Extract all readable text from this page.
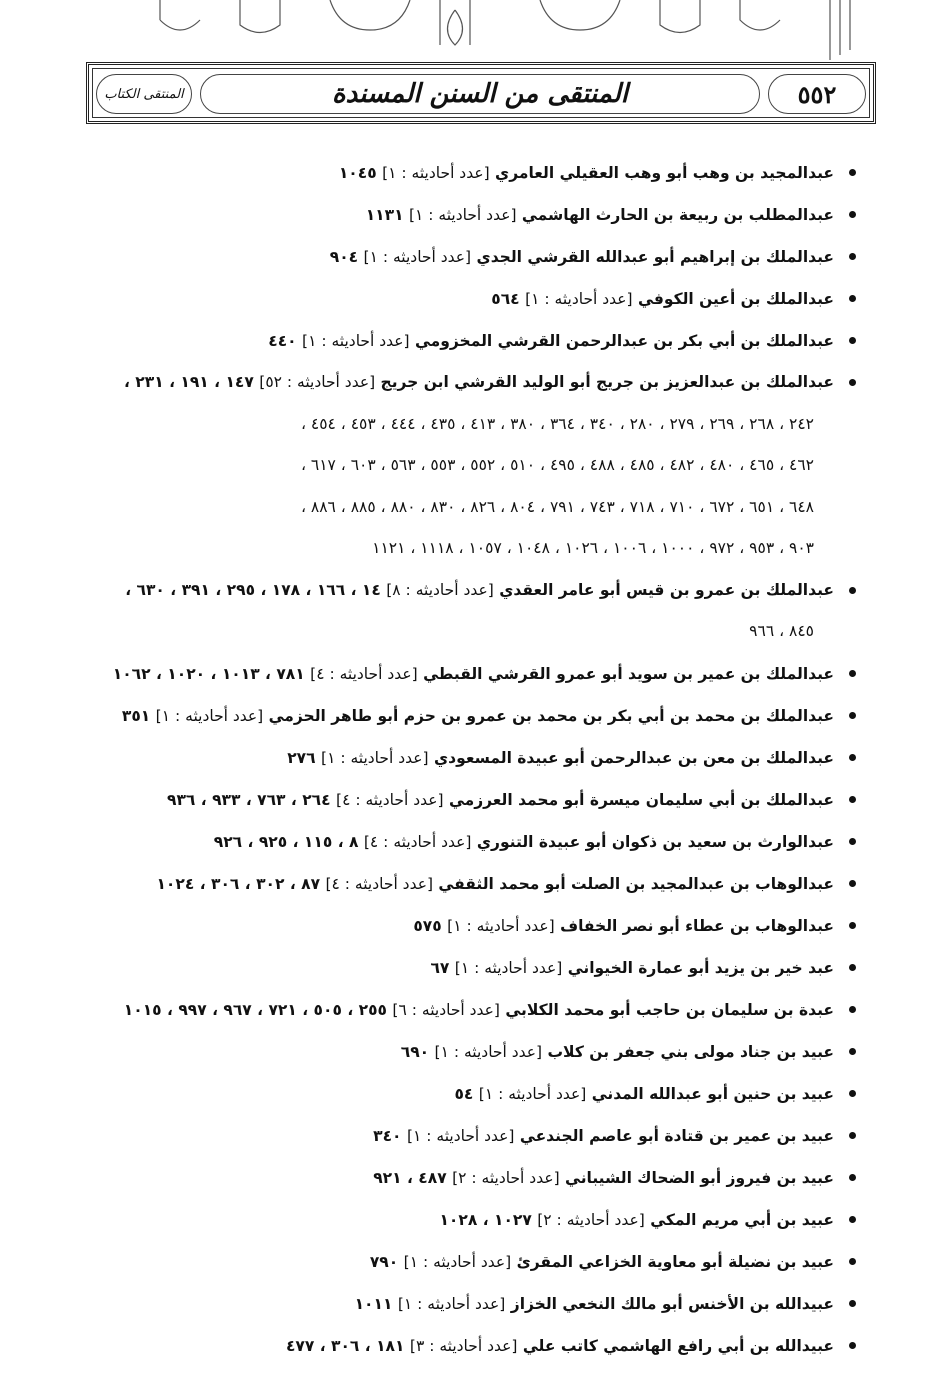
٥٥٢
المنتقى من السنن المسندة
المنتقى الكتاب
عبدالمجيد بن وهب أبو وهب العقيلي العامري [عدد أحاديثه : ١] ١٠٤٥
عبدالمطلب بن ربيعة بن الحارث الهاشمي [عدد أحاديثه : ١] ١١٣١
عبدالملك بن إبراهيم أبو عبدالله القرشي الجدي [عدد أحاديثه : ١] ٩٠٤
عبدالملك بن أعين الكوفي [عدد أحاديثه : ١] ٥٦٤
عبدالملك بن أبي بكر بن عبدالرحمن القرشي المخزومي [عدد أحاديثه : ١] ٤٤٠
عبدالملك بن عبدالعزيز بن جريج أبو الوليد القرشي ابن جريج [عدد أحاديثه : ٥٢] ١٤٧ ، ١٩١ ، ٢٣١ ،
٢٤٢ ، ٢٦٨ ، ٢٦٩ ، ٢٧٩ ، ٢٨٠ ، ٣٤٠ ، ٣٦٤ ، ٣٨٠ ، ٤١٣ ، ٤٣٥ ، ٤٤٤ ، ٤٥٣ ، ٤٥٤ ،
٤٦٢ ، ٤٦٥ ، ٤٨٠ ، ٤٨٢ ، ٤٨٥ ، ٤٨٨ ، ٤٩٥ ، ٥١٠ ، ٥٥٢ ، ٥٥٣ ، ٥٦٣ ، ٦٠٣ ، ٦١٧ ،
٦٤٨ ، ٦٥١ ، ٦٧٢ ، ٧١٠ ، ٧١٨ ، ٧٤٣ ، ٧٩١ ، ٨٠٤ ، ٨٢٦ ، ٨٣٠ ، ٨٨٠ ، ٨٨٥ ، ٨٨٦ ،
٩٠٣ ، ٩٥٣ ، ٩٧٢ ، ١٠٠٠ ، ١٠٠٦ ، ١٠٢٦ ، ١٠٤٨ ، ١٠٥٧ ، ١١١٨ ، ١١٢١
عبدالملك بن عمرو بن قيس أبو عامر العقدي [عدد أحاديثه : ٨] ١٤ ، ١٦٦ ، ١٧٨ ، ٢٩٥ ، ٣٩١ ، ٦٣٠ ،
٨٤٥ ، ٩٦٦
عبدالملك بن عمير بن سويد أبو عمرو القرشي القبطي [عدد أحاديثه : ٤] ٧٨١ ، ١٠١٣ ، ١٠٢٠ ، ١٠٦٢
عبدالملك بن محمد بن أبي بكر بن محمد بن عمرو بن حزم أبو طاهر الحزمي [عدد أحاديثه : ١] ٣٥١
عبدالملك بن معن بن عبدالرحمن أبو عبيدة المسعودي [عدد أحاديثه : ١] ٢٧٦
عبدالملك بن أبي سليمان ميسرة أبو محمد العرزمي [عدد أحاديثه : ٤] ٢٦٤ ، ٧٦٣ ، ٩٣٣ ، ٩٣٦
عبدالوارث بن سعيد بن ذكوان أبو عبيدة التنوري [عدد أحاديثه : ٤] ٨ ، ١١٥ ، ٩٢٥ ، ٩٢٦
عبدالوهاب بن عبدالمجيد بن الصلت أبو محمد الثقفي [عدد أحاديثه : ٤] ٨٧ ، ٣٠٢ ، ٣٠٦ ، ١٠٢٤
عبدالوهاب بن عطاء أبو نصر الخفاف [عدد أحاديثه : ١] ٥٧٥
عبد خير بن يزيد أبو عمارة الخيواني [عدد أحاديثه : ١] ٦٧
عبدة بن سليمان بن حاجب أبو محمد الكلابي [عدد أحاديثه : ٦] ٢٥٥ ، ٥٠٥ ، ٧٢١ ، ٩٦٧ ، ٩٩٧ ، ١٠١٥
عبيد بن جناد مولى بني جعفر بن كلاب [عدد أحاديثه : ١] ٦٩٠
عبيد بن حنين أبو عبدالله المدني [عدد أحاديثه : ١] ٥٤
عبيد بن عمير بن قتادة أبو عاصم الجندعي [عدد أحاديثه : ١] ٣٤٠
عبيد بن فيروز أبو الضحاك الشيباني [عدد أحاديثه : ٢] ٤٨٧ ، ٩٢١
عبيد بن أبي مريم المكي [عدد أحاديثه : ٢] ١٠٢٧ ، ١٠٢٨
عبيد بن نضيلة أبو معاوية الخزاعي المقرئ [عدد أحاديثه : ١] ٧٩٠
عبيدالله بن الأخنس أبو مالك النخعي الخزاز [عدد أحاديثه : ١] ١٠١١
عبيدالله بن أبي رافع الهاشمي كاتب علي [عدد أحاديثه : ٣] ١٨١ ، ٣٠٦ ، ٤٧٧
